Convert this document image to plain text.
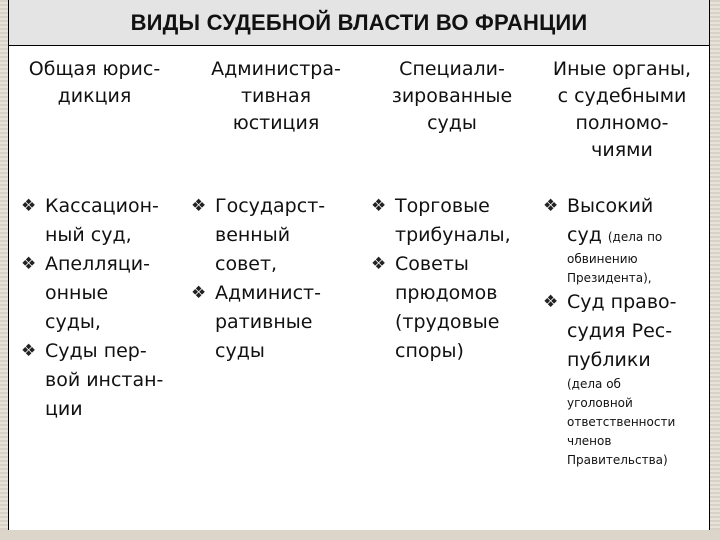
ВИДЫ СУДЕБНОЙ ВЛАСТИ ВО ФРАНЦИИ
Общая юрис-
дикция
❖ Кассацион-
ный суд,
❖ Апелляци-
онные
суды,
❖ Суды пер-
вой инстан-
ции
Администра-
тивная
юстиция
❖ Государст-
венный
совет,
❖ Админист-
ративные
суды
Специали-
зированные
суды
❖ Торговые
трибуналы,
❖ Советы
прюдомов
(трудовые
споры)
Иные органы,
с судебными
полномо-
чиями
❖ Высокий
суд (дела по
обвинению
Президента),
❖ Суд право-
судия Рес-
публики
(дела об
уголовной
ответственности
членов
Правительства)
